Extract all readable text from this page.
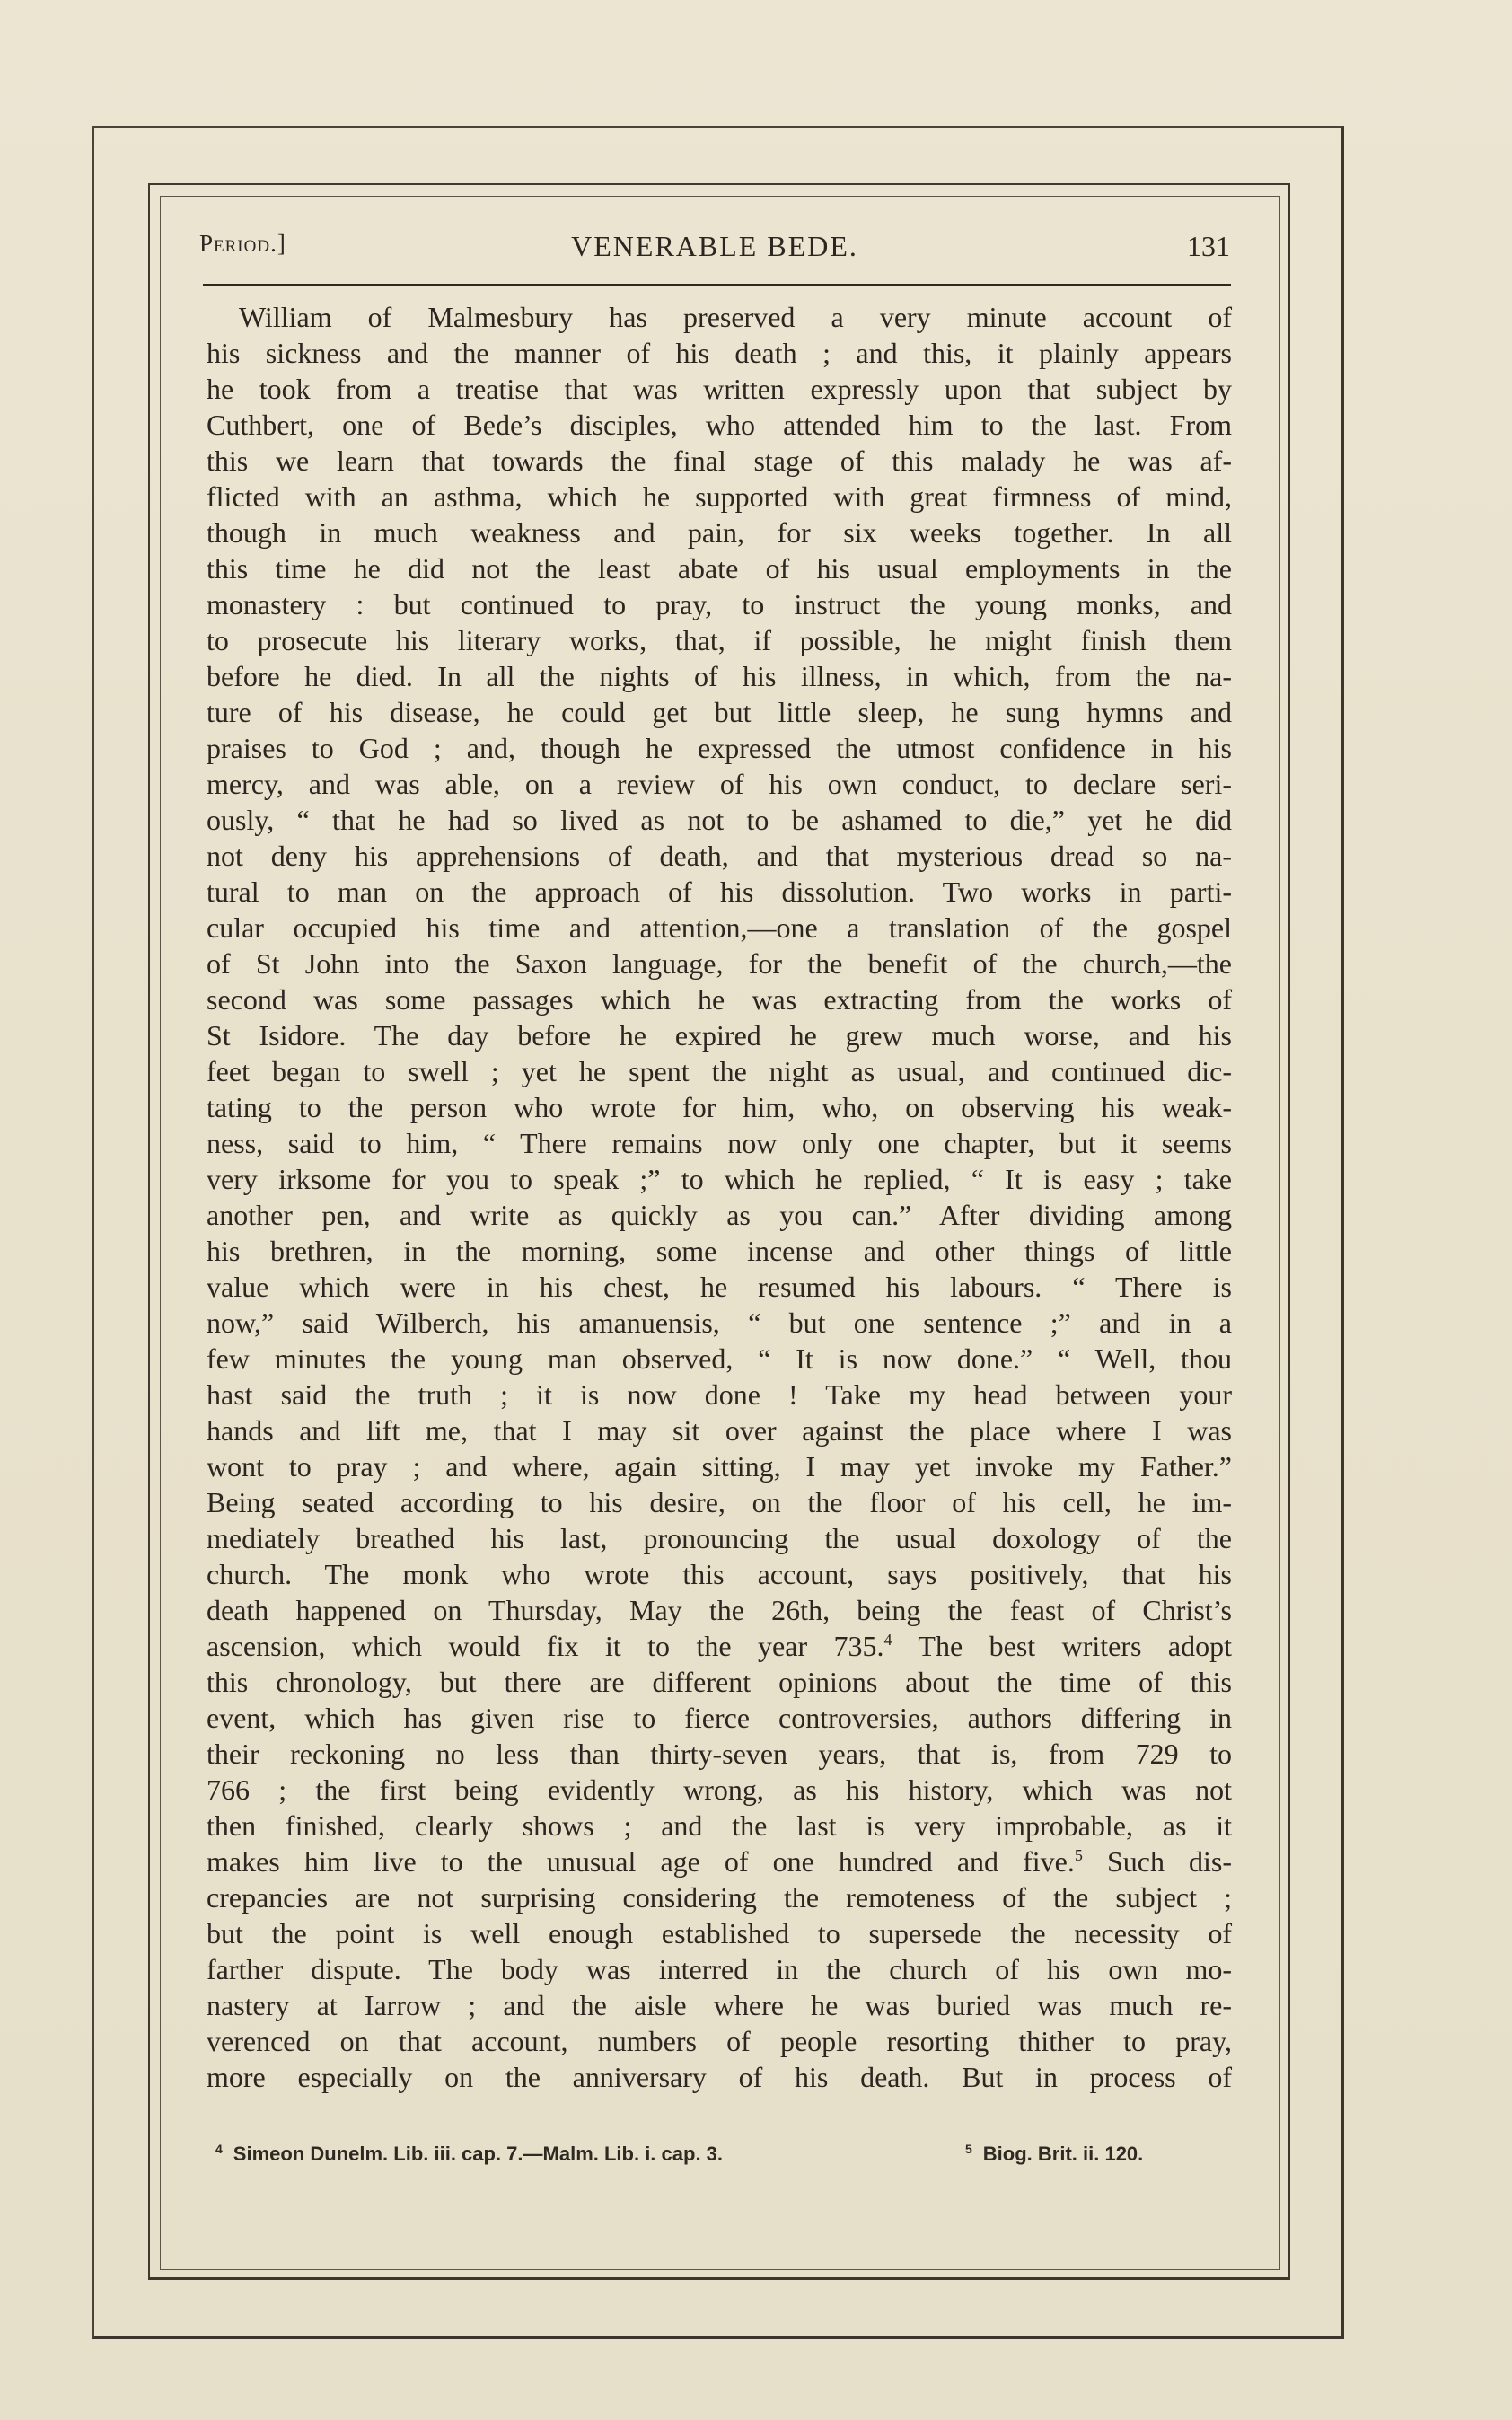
Period.]	VENERABLE BEDE.	131
William of Malmesbury has preserved a very minute account of
his sickness and the manner of his death ; and this, it plainly appears
he took from a treatise that was written expressly upon that subject by
Cuthbert, one of Bede’s disciples, who attended him to the last. From
this we learn that towards the final stage of this malady he was af-
flicted with an asthma, which he supported with great firmness of mind,
though in much weakness and pain, for six weeks together. In all
this time he did not the least abate of his usual employments in the
monastery : but continued to pray, to instruct the young monks, and
to prosecute his literary works, that, if possible, he might finish them
before he died. In all the nights of his illness, in which, from the na-
ture of his disease, he could get but little sleep, he sung hymns and
praises to God ; and, though he expressed the utmost confidence in his
mercy, and was able, on a review of his own conduct, to declare seri-
ously, “ that he had so lived as not to be ashamed to die,” yet he did
not deny his apprehensions of death, and that mysterious dread so na-
tural to man on the approach of his dissolution. Two works in parti-
cular occupied his time and attention,—one a translation of the gospel
of St John into the Saxon language, for the benefit of the church,—the
second was some passages which he was extracting from the works of
St Isidore. The day before he expired he grew much worse, and his
feet began to swell ; yet he spent the night as usual, and continued dic-
tating to the person who wrote for him, who, on observing his weak-
ness, said to him, “ There remains now only one chapter, but it seems
very irksome for you to speak ;” to which he replied, “ It is easy ; take
another pen, and write as quickly as you can.” After dividing among
his brethren, in the morning, some incense and other things of little
value which were in his chest, he resumed his labours. “ There is
now,” said Wilberch, his amanuensis, “ but one sentence ;” and in a
few minutes the young man observed, “ It is now done.” “ Well, thou
hast said the truth ; it is now done ! Take my head between your
hands and lift me, that I may sit over against the place where I was
wont to pray ; and where, again sitting, I may yet invoke my Father.”
Being seated according to his desire, on the floor of his cell, he im-
mediately breathed his last, pronouncing the usual doxology of the
church. The monk who wrote this account, says positively, that his
death happened on Thursday, May the 26th, being the feast of Christ’s
ascension, which would fix it to the year 735.$^4$ The best writers adopt
this chronology, but there are different opinions about the time of this
event, which has given rise to fierce controversies, authors differing in
their reckoning no less than thirty-seven years, that is, from 729 to
766 ; the first being evidently wrong, as his history, which was not
then finished, clearly shows ; and the last is very improbable, as it
makes him live to the unusual age of one hundred and five.$^5$ Such dis-
crepancies are not surprising considering the remoteness of the subject ;
but the point is well enough established to supersede the necessity of
farther dispute. The body was interred in the church of his own mo-
nastery at Iarrow ; and the aisle where he was buried was much re-
verenced on that account, numbers of people resorting thither to pray,
more especially on the anniversary of his death. But in process of
$^4$ Simeon Dunelm. Lib. iii. cap. 7.—Malm. Lib. i. cap. 3.	$^5$ Biog. Brit. ii. 120.
